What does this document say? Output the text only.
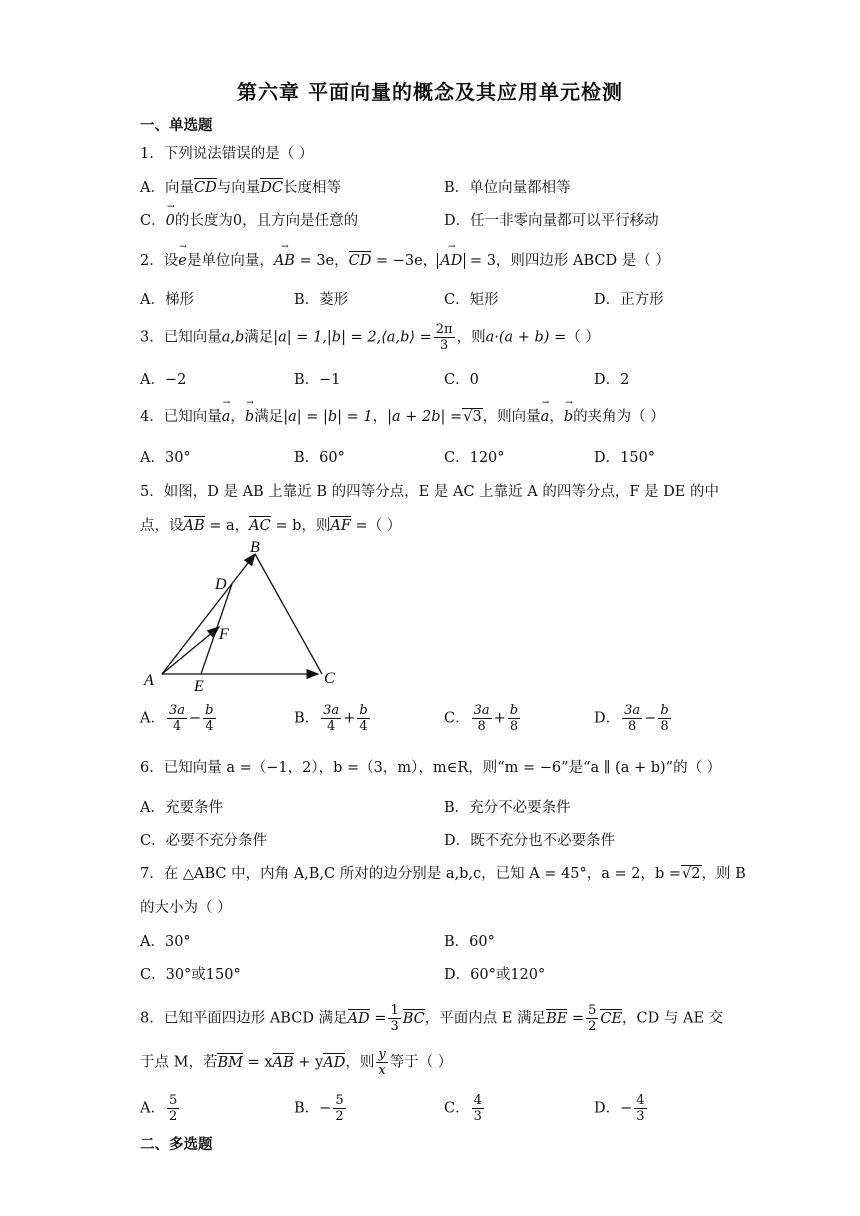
第六章 平面向量的概念及其应用单元检测
一、单选题
1．下列说法错误的是（ ）
A．向量
CD与向量
DC长度相等	B．单位向量都相等
C．
→
0的长度为0，且方向是任意的	D．任一非零向量都可以平行移动
2．设
→
e是单位向量，
→
AB = 3e，
CD = −3e，
→
AD = 3，则四边形 ABCD 是（ ）
A．梯形	B．菱形	C．矩形	D．正方形
3．已知向量a,b满足|a| = 1,|b| = 2,⟨a,b⟩ = $\frac{2\pi}{3}$ ，则a·(a + b) =（ ）
A．−2	B．−1	C．0	D．2
4．已知向量
→
a，
→
b满足|a| = |b| = 1，|a + 2b| =√3，则向量
→
a，
→
b的夹角为（ ）
A．30°	B．60°	C．120°	D．150°
5．如图，D 是 AB 上靠近 B 的四等分点，E 是 AC 上靠近 A 的四等分点，F 是 DE 的中
点，设
AB = a，
AC = b，则
AF =（ ）
A
B
C
D
E
F
A． $\frac{3a}{4} - \frac{b}{4}$	B． $\frac{3a}{4} + \frac{b}{4}$	C． $\frac{3a}{8} + \frac{b}{8}$	D． $\frac{3a}{8} - \frac{b}{8}$
6．已知向量 a =（−1，2），b =（3，m），m∈R，则“m = −6”是“a ∥ (a + b)”的（ ）
A．充要条件	B．充分不必要条件
C．必要不充分条件	D．既不充分也不必要条件
7．在 △ABC 中，内角 A,B,C 所对的边分别是 a,b,c，已知 A = 45°，a = 2，b =√2，则 B
的大小为（ ）
A．30°	B．60°
C．30°或150°	D．60°或120°
8．已知平面四边形 ABCD 满足
AD = $\frac{1}{3}$ BC，平面内点 E 满足
BE = $\frac{5}{2}$ CE，CD 与 AE 交
于点 M，若
BM = x
AB + y
AD，则 $\frac{y}{x}$ 等于（ ）
A． $\frac{5}{2}$	B．− $\frac{5}{2}$	C． $\frac{4}{3}$	D．− $\frac{4}{3}$
二、多选题
